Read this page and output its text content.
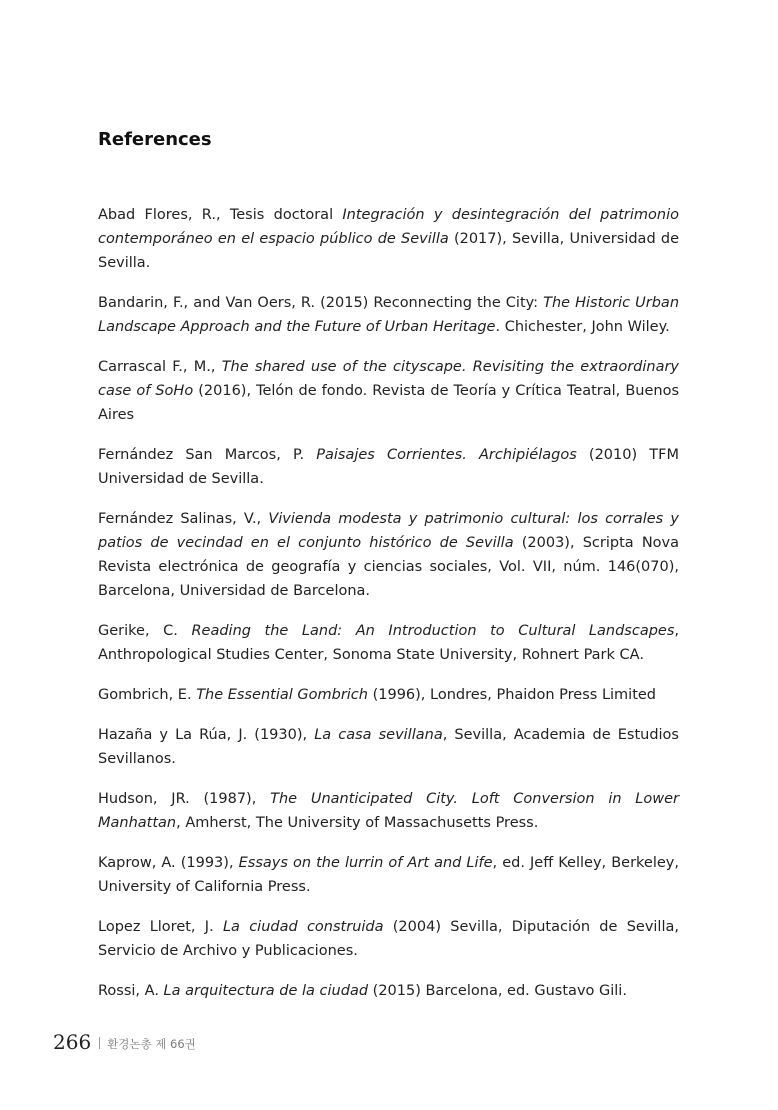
References

Abad Flores, R., Tesis doctoral Integración y desintegración del patrimonio contemporáneo en el espacio público de Sevilla (2017), Sevilla, Universidad de Sevilla.

Bandarin, F., and Van Oers, R. (2015) Reconnecting the City: The Historic Urban Landscape Approach and the Future of Urban Heritage. Chichester, John Wiley.

Carrascal F., M., The shared use of the cityscape. Revisiting the extraordinary case of SoHo (2016), Telón de fondo. Revista de Teoría y Crítica Teatral, Buenos Aires

Fernández San Marcos, P. Paisajes Corrientes. Archipiélagos (2010) TFM Universidad de Sevilla.

Fernández Salinas, V., Vivienda modesta y patrimonio cultural: los corrales y patios de vecindad en el conjunto histórico de Sevilla (2003), Scripta Nova Revista electrónica de geografía y ciencias sociales, Vol. VII, núm. 146(070), Barcelona, Universidad de Barcelona.

Gerike, C. Reading the Land: An Introduction to Cultural Landscapes, Anthropological Studies Center, Sonoma State University, Rohnert Park CA.

Gombrich, E. The Essential Gombrich (1996), Londres, Phaidon Press Limited

Hazaña y La Rúa, J. (1930), La casa sevillana, Sevilla, Academia de Estudios Sevillanos.

Hudson, JR. (1987), The Unanticipated City. Loft Conversion in Lower Manhattan, Amherst, The University of Massachusetts Press.

Kaprow, A. (1993), Essays on the lurrin of Art and Life, ed. Jeff Kelley, Berkeley, University of California Press.

Lopez Lloret, J. La ciudad construida (2004) Sevilla, Diputación de Sevilla, Servicio de Archivo y Publicaciones.

Rossi, A. La arquitectura de la ciudad (2015) Barcelona, ed. Gustavo Gili.

266 환경논총 제 66권
